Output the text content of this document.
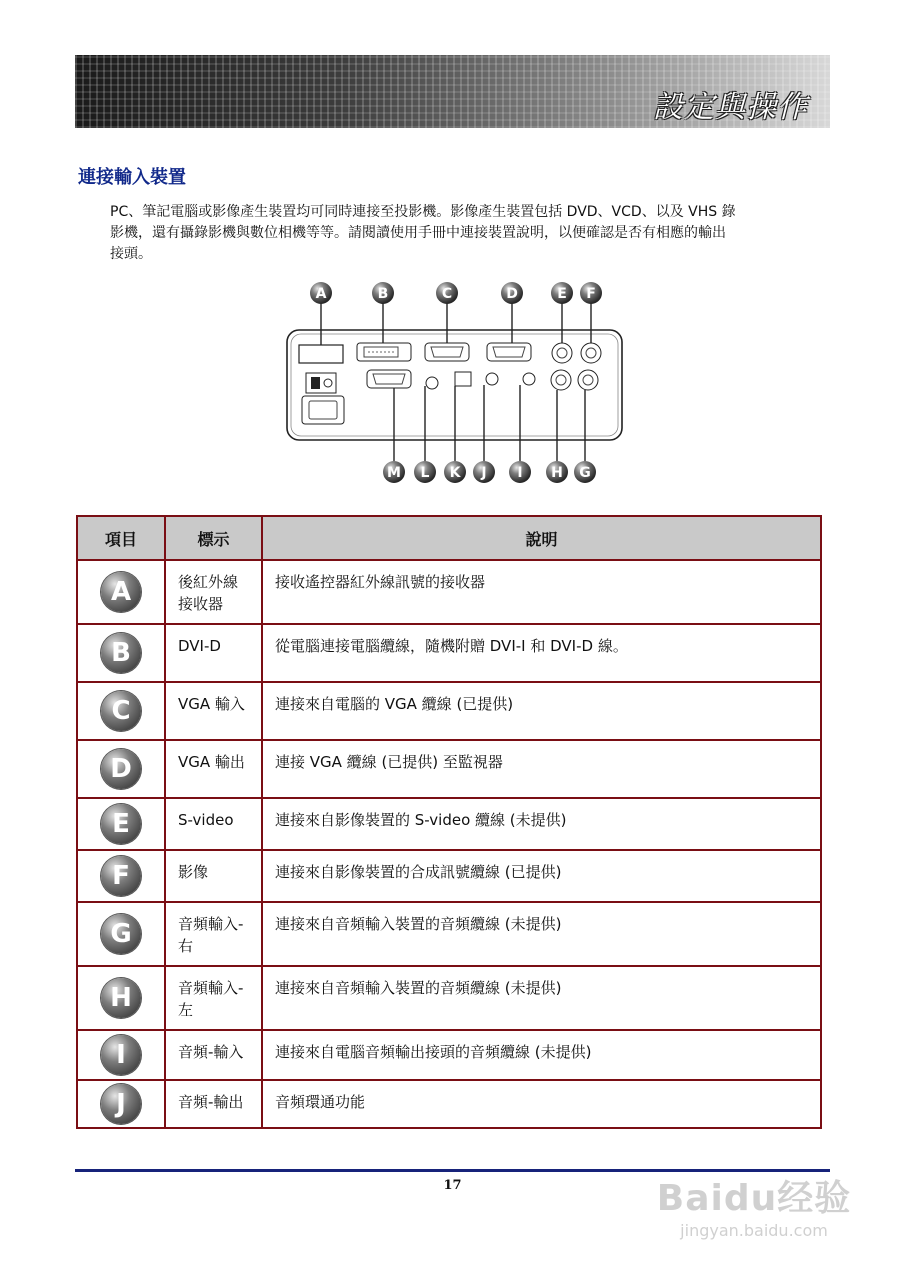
設定與操作
連接輸入裝置
PC、筆記電腦或影像產生裝置均可同時連接至投影機。影像產生裝置包括 DVD、VCD、以及 VHS 錄
影機，還有攝錄影機與數位相機等等。請閱讀使用手冊中連接裝置說明，以便確認是否有相應的輸出
接頭。
A	B	C	D	E F
M L K J I H G
項目	標示	說明
A	後紅外線接收器	接收遙控器紅外線訊號的接收器
B	DVI-D	從電腦連接電腦纜線，隨機附贈 DVI-I 和 DVI-D 線。
C	VGA 輸入	連接來自電腦的 VGA 纜線 (已提供)
D	VGA 輸出	連接 VGA 纜線 (已提供) 至監視器
E	S-video	連接來自影像裝置的 S-video 纜線 (未提供)
F	影像	連接來自影像裝置的合成訊號纜線 (已提供)
G	音頻輸入-右	連接來自音頻輸入裝置的音頻纜線 (未提供)
H	音頻輸入-左	連接來自音頻輸入裝置的音頻纜線 (未提供)
I	音頻-輸入	連接來自電腦音頻輸出接頭的音頻纜線 (未提供)
J	音頻-輸出	音頻環通功能
17	Baidu经验
jingyan.baidu.com
